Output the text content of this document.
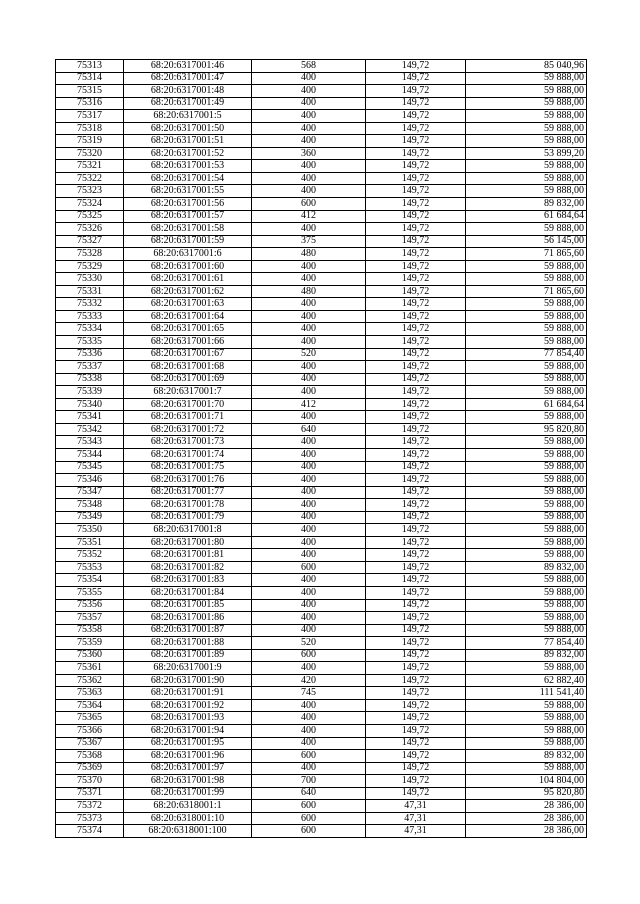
75313	68:20:6317001:46	568	149,72	85 040,96
75314	68:20:6317001:47	400	149,72	59 888,00
75315	68:20:6317001:48	400	149,72	59 888,00
75316	68:20:6317001:49	400	149,72	59 888,00
75317	68:20:6317001:5	400	149,72	59 888,00
75318	68:20:6317001:50	400	149,72	59 888,00
75319	68:20:6317001:51	400	149,72	59 888,00
75320	68:20:6317001:52	360	149,72	53 899,20
75321	68:20:6317001:53	400	149,72	59 888,00
75322	68:20:6317001:54	400	149,72	59 888,00
75323	68:20:6317001:55	400	149,72	59 888,00
75324	68:20:6317001:56	600	149,72	89 832,00
75325	68:20:6317001:57	412	149,72	61 684,64
75326	68:20:6317001:58	400	149,72	59 888,00
75327	68:20:6317001:59	375	149,72	56 145,00
75328	68:20:6317001:6	480	149,72	71 865,60
75329	68:20:6317001:60	400	149,72	59 888,00
75330	68:20:6317001:61	400	149,72	59 888,00
75331	68:20:6317001:62	480	149,72	71 865,60
75332	68:20:6317001:63	400	149,72	59 888,00
75333	68:20:6317001:64	400	149,72	59 888,00
75334	68:20:6317001:65	400	149,72	59 888,00
75335	68:20:6317001:66	400	149,72	59 888,00
75336	68:20:6317001:67	520	149,72	77 854,40
75337	68:20:6317001:68	400	149,72	59 888,00
75338	68:20:6317001:69	400	149,72	59 888,00
75339	68:20:6317001:7	400	149,72	59 888,00
75340	68:20:6317001:70	412	149,72	61 684,64
75341	68:20:6317001:71	400	149,72	59 888,00
75342	68:20:6317001:72	640	149,72	95 820,80
75343	68:20:6317001:73	400	149,72	59 888,00
75344	68:20:6317001:74	400	149,72	59 888,00
75345	68:20:6317001:75	400	149,72	59 888,00
75346	68:20:6317001:76	400	149,72	59 888,00
75347	68:20:6317001:77	400	149,72	59 888,00
75348	68:20:6317001:78	400	149,72	59 888,00
75349	68:20:6317001:79	400	149,72	59 888,00
75350	68:20:6317001:8	400	149,72	59 888,00
75351	68:20:6317001:80	400	149,72	59 888,00
75352	68:20:6317001:81	400	149,72	59 888,00
75353	68:20:6317001:82	600	149,72	89 832,00
75354	68:20:6317001:83	400	149,72	59 888,00
75355	68:20:6317001:84	400	149,72	59 888,00
75356	68:20:6317001:85	400	149,72	59 888,00
75357	68:20:6317001:86	400	149,72	59 888,00
75358	68:20:6317001:87	400	149,72	59 888,00
75359	68:20:6317001:88	520	149,72	77 854,40
75360	68:20:6317001:89	600	149,72	89 832,00
75361	68:20:6317001:9	400	149,72	59 888,00
75362	68:20:6317001:90	420	149,72	62 882,40
75363	68:20:6317001:91	745	149,72	111 541,40
75364	68:20:6317001:92	400	149,72	59 888,00
75365	68:20:6317001:93	400	149,72	59 888,00
75366	68:20:6317001:94	400	149,72	59 888,00
75367	68:20:6317001:95	400	149,72	59 888,00
75368	68:20:6317001:96	600	149,72	89 832,00
75369	68:20:6317001:97	400	149,72	59 888,00
75370	68:20:6317001:98	700	149,72	104 804,00
75371	68:20:6317001:99	640	149,72	95 820,80
75372	68:20:6318001:1	600	47,31	28 386,00
75373	68:20:6318001:10	600	47,31	28 386,00
75374	68:20:6318001:100	600	47,31	28 386,00
